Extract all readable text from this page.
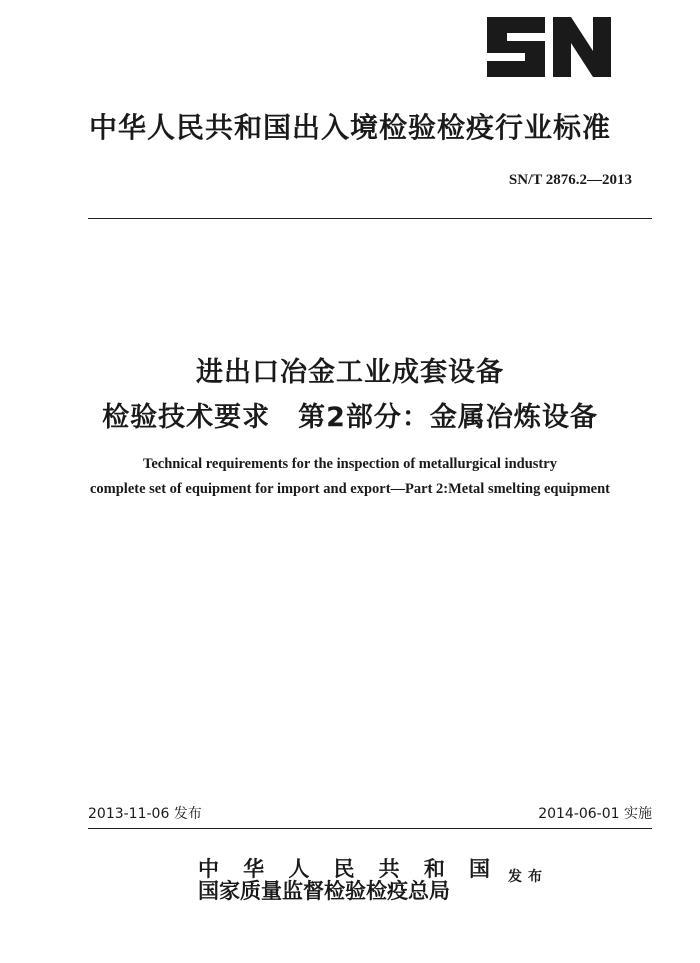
中华人民共和国出入境检验检疫行业标准
SN/T 2876.2—2013
进出口冶金工业成套设备
检验技术要求　第2部分：金属冶炼设备
Technical requirements for the inspection of metallurgical industry
complete set of equipment for import and export—Part 2:Metal smelting equipment
2013-11-06 发布	2014-06-01 实施
中华人民共和国
国家质量监督检验检疫总局
发布
